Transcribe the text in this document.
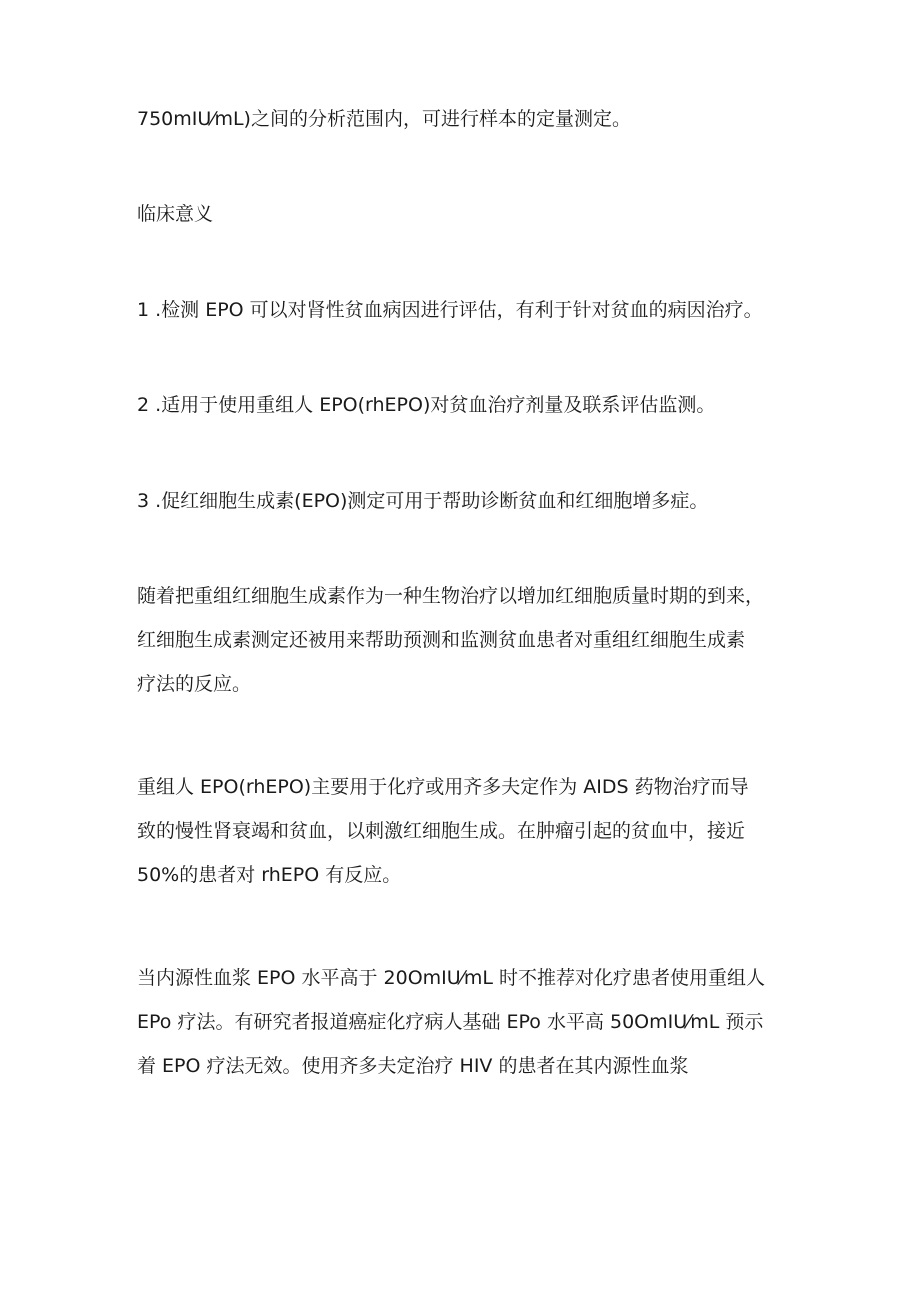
750mIU⁄mL)之间的分析范围内，可进行样本的定量测定。

临床意义

1 .检测 EPO 可以对肾性贫血病因进行评估，有利于针对贫血的病因治疗。

2 .适用于使用重组人 EPO(rhEPO)对贫血治疗剂量及联系评估监测。

3 .促红细胞生成素(EPO)测定可用于帮助诊断贫血和红细胞增多症。

随着把重组红细胞生成素作为一种生物治疗以增加红细胞质量时期的到来，
红细胞生成素测定还被用来帮助预测和监测贫血患者对重组红细胞生成素
疗法的反应。

重组人 EPO(rhEPO)主要用于化疗或用齐多夫定作为 AIDS 药物治疗而导
致的慢性肾衰竭和贫血，以刺激红细胞生成。在肿瘤引起的贫血中，接近
50%的患者对 rhEPO 有反应。

当内源性血浆 EPO 水平高于 20OmIU⁄mL 时不推荐对化疗患者使用重组人
EPo 疗法。有研究者报道癌症化疗病人基础 EPo 水平高 50OmIU⁄mL 预示
着 EPO 疗法无效。使用齐多夫定治疗 HIV 的患者在其内源性血浆
